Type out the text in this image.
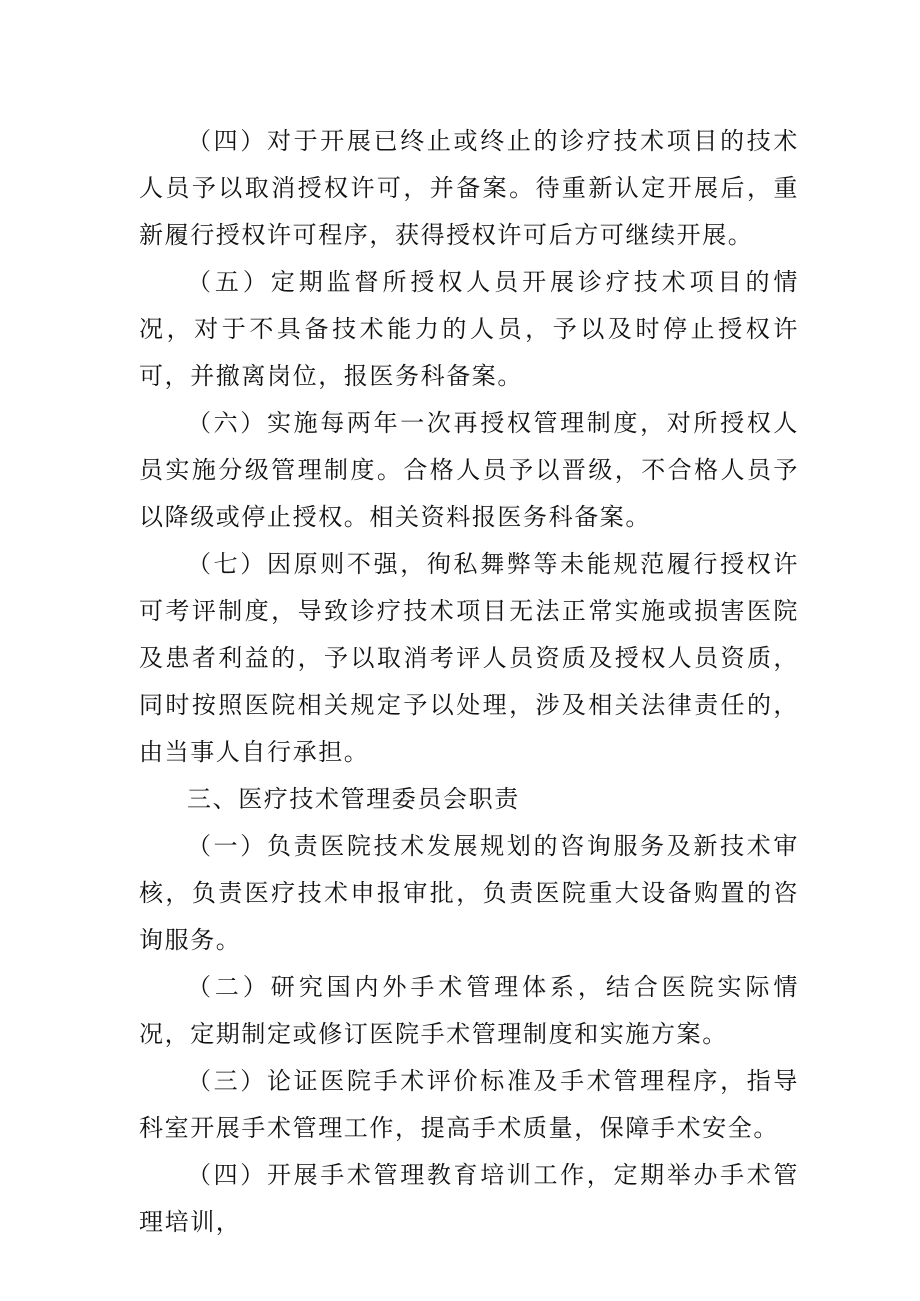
（四）对于开展已终止或终止的诊疗技术项目的技术人员予以取消授权许可，并备案。待重新认定开展后，重新履行授权许可程序，获得授权许可后方可继续开展。

（五）定期监督所授权人员开展诊疗技术项目的情况，对于不具备技术能力的人员，予以及时停止授权许可，并撤离岗位，报医务科备案。

（六）实施每两年一次再授权管理制度，对所授权人员实施分级管理制度。合格人员予以晋级，不合格人员予以降级或停止授权。相关资料报医务科备案。

（七）因原则不强，徇私舞弊等未能规范履行授权许可考评制度，导致诊疗技术项目无法正常实施或损害医院及患者利益的，予以取消考评人员资质及授权人员资质，同时按照医院相关规定予以处理，涉及相关法律责任的，由当事人自行承担。

三、医疗技术管理委员会职责

（一）负责医院技术发展规划的咨询服务及新技术审核，负责医疗技术申报审批，负责医院重大设备购置的咨询服务。

（二）研究国内外手术管理体系，结合医院实际情况，定期制定或修订医院手术管理制度和实施方案。

（三）论证医院手术评价标准及手术管理程序，指导科室开展手术管理工作，提高手术质量，保障手术安全。

（四）开展手术管理教育培训工作，定期举办手术管理培训，
